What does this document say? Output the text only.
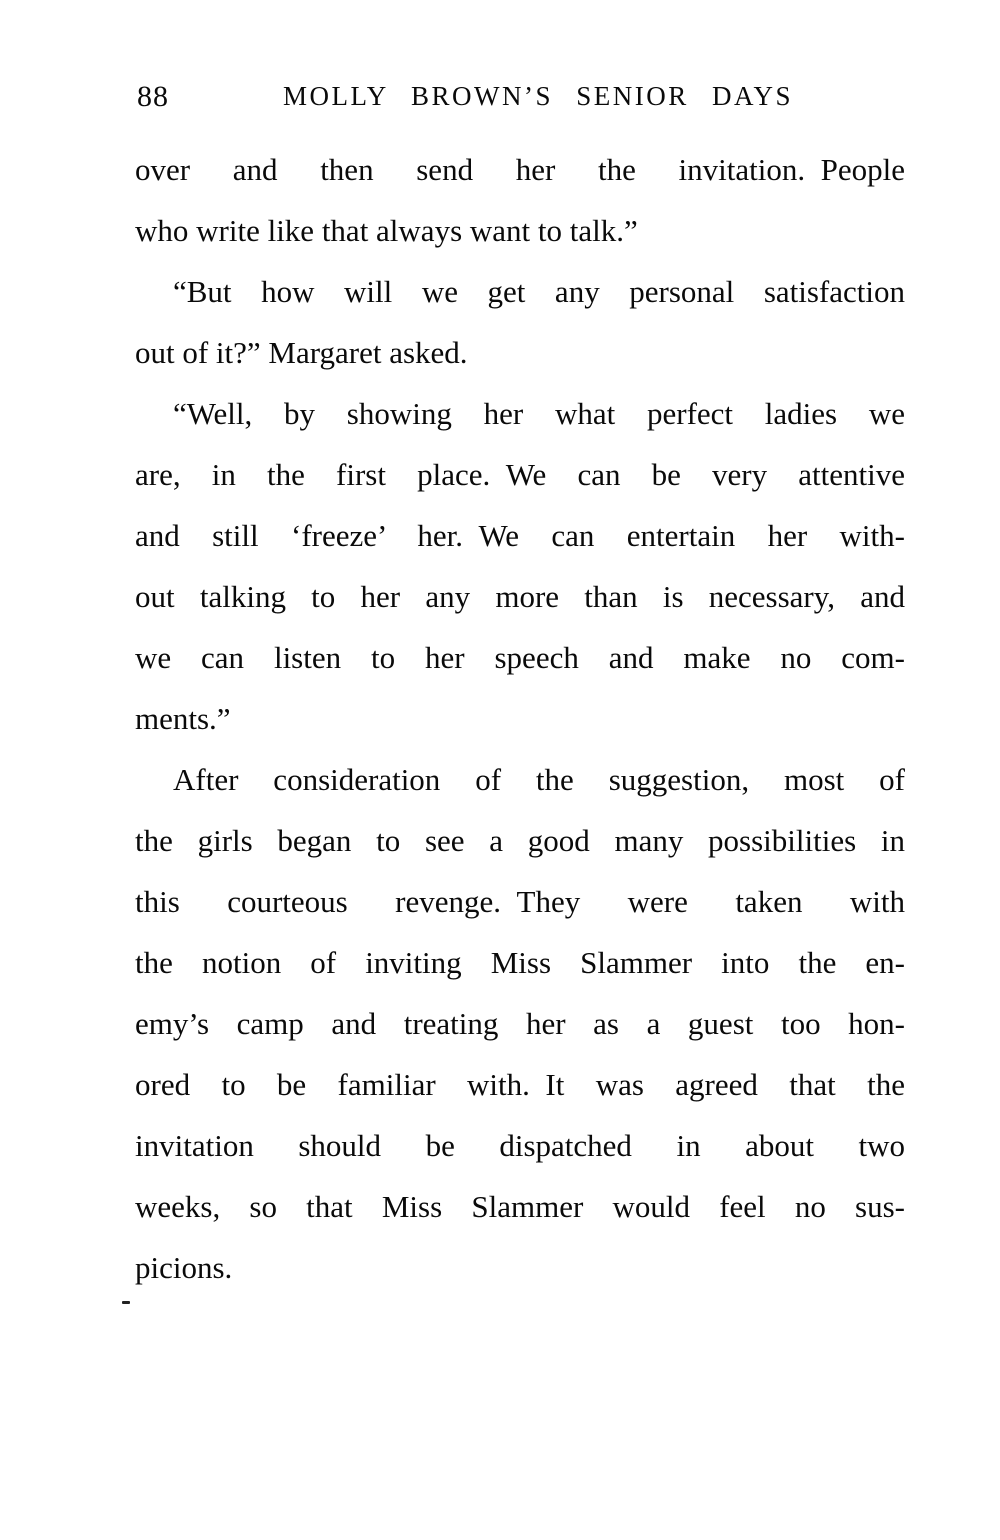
88	MOLLY BROWN’S SENIOR DAYS
over and then send her the invitation. People
who write like that always want to talk.”
“But how will we get any personal satisfaction
out of it?” Margaret asked.
“Well, by showing her what perfect ladies we
are, in the first place. We can be very attentive
and still ‘freeze’ her. We can entertain her with-
out talking to her any more than is necessary, and
we can listen to her speech and make no com-
ments.”
After consideration of the suggestion, most of
the girls began to see a good many possibilities in
this courteous revenge. They were taken with
the notion of inviting Miss Slammer into the en-
emy’s camp and treating her as a guest too hon-
ored to be familiar with. It was agreed that the
invitation should be dispatched in about two
weeks, so that Miss Slammer would feel no sus-
picions.
